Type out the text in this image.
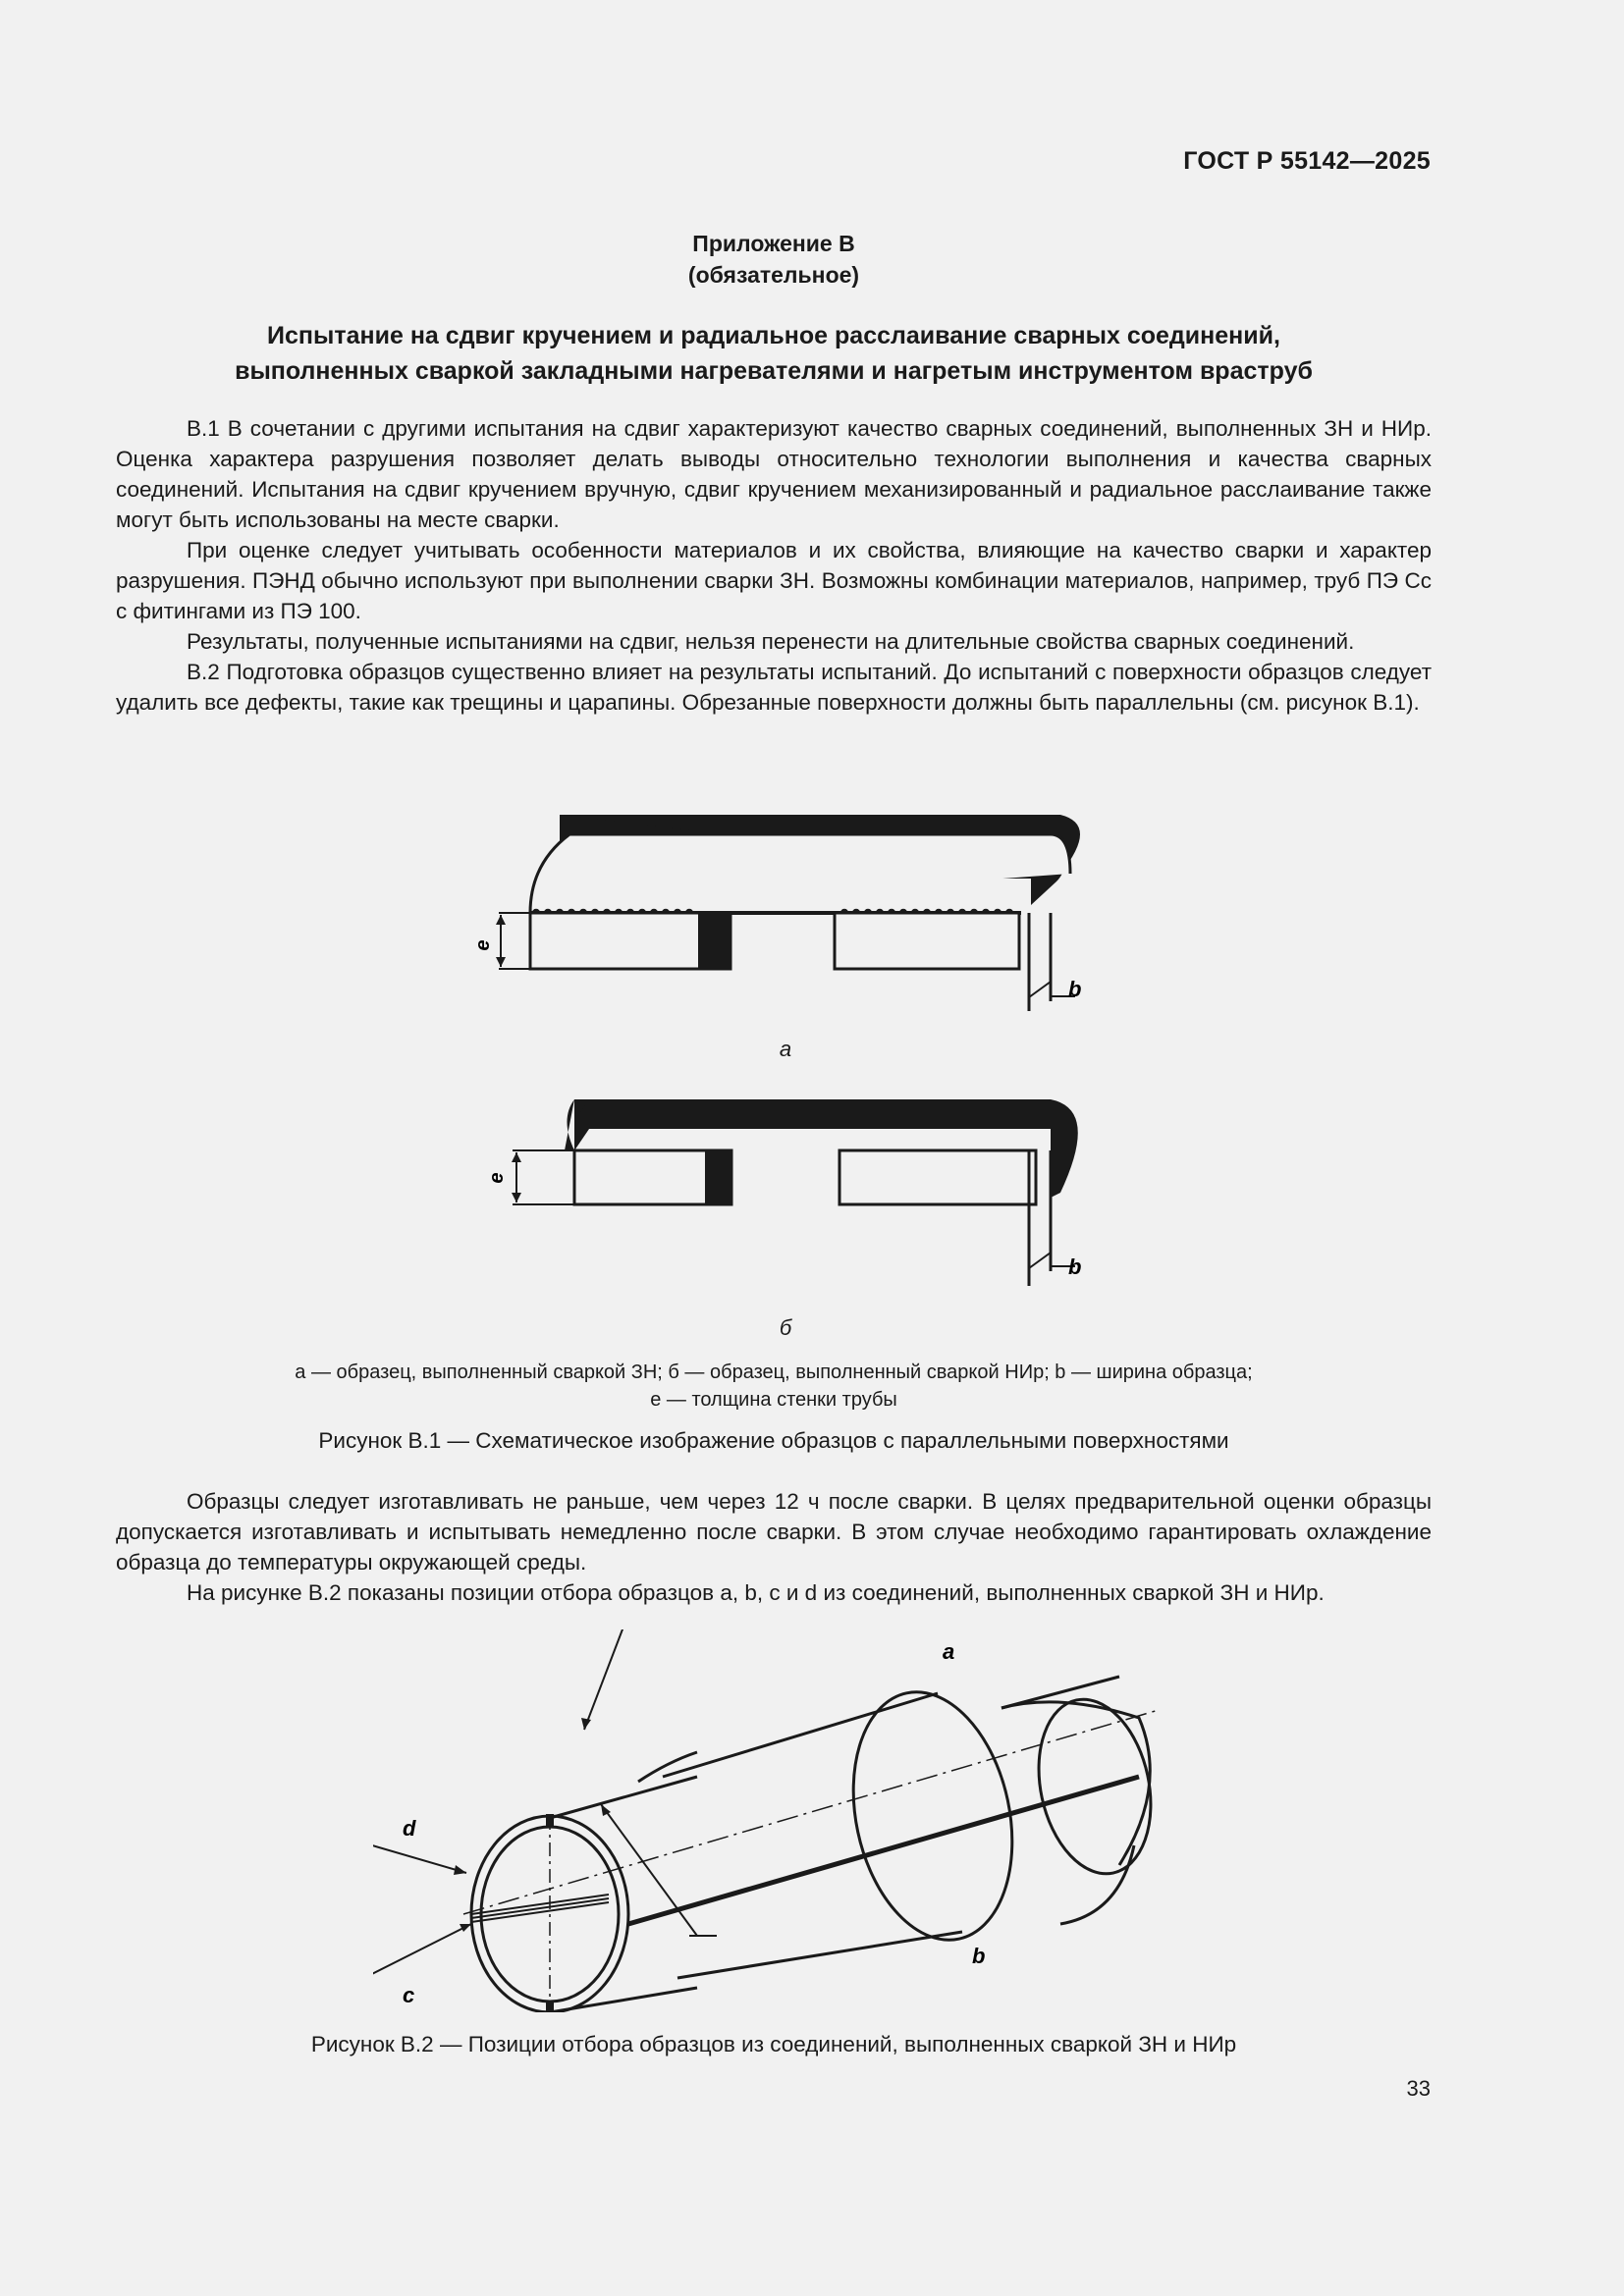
ГОСТ Р 55142—2025
Приложение В
(обязательное)
Испытание на сдвиг кручением и радиальное расслаивание сварных соединений,
выполненных сваркой закладными нагревателями и нагретым инструментом враструб

В.1 В сочетании с другими испытания на сдвиг характеризуют качество сварных соединений, выполненных ЗН и НИр. Оценка характера разрушения позволяет делать выводы относительно технологии выполнения и качества сварных соединений. Испытания на сдвиг кручением вручную, сдвиг кручением механизированный и радиальное расслаивание также могут быть использованы на месте сварки.

При оценке следует учитывать особенности материалов и их свойства, влияющие на качество сварки и характер разрушения. ПЭНД обычно используют при выполнении сварки ЗН. Возможны комбинации материалов, например, труб ПЭ Сс с фитингами из ПЭ 100.

Результаты, полученные испытаниями на сдвиг, нельзя перенести на длительные свойства сварных соединений.

В.2 Подготовка образцов существенно влияет на результаты испытаний. До испытаний с поверхности образцов следует удалить все дефекты, такие как трещины и царапины. Обрезанные поверхности должны быть параллельны (см. рисунок В.1).

е
b
а
е
b
б
а — образец, выполненный сваркой ЗН; б — образец, выполненный сваркой НИр; b — ширина образца;
е — толщина стенки трубы
Рисунок В.1 — Схематическое изображение образцов с параллельными поверхностями

Образцы следует изготавливать не раньше, чем через 12 ч после сварки. В целях предварительной оценки образцы допускается изготавливать и испытывать немедленно после сварки. В этом случае необходимо гарантировать охлаждение образца до температуры окружающей среды.

На рисунке В.2 показаны позиции отбора образцов а, b, c и d из соединений, выполненных сваркой ЗН и НИр.

a
b
c
d
Рисунок В.2 — Позиции отбора образцов из соединений, выполненных сваркой ЗН и НИр
33
